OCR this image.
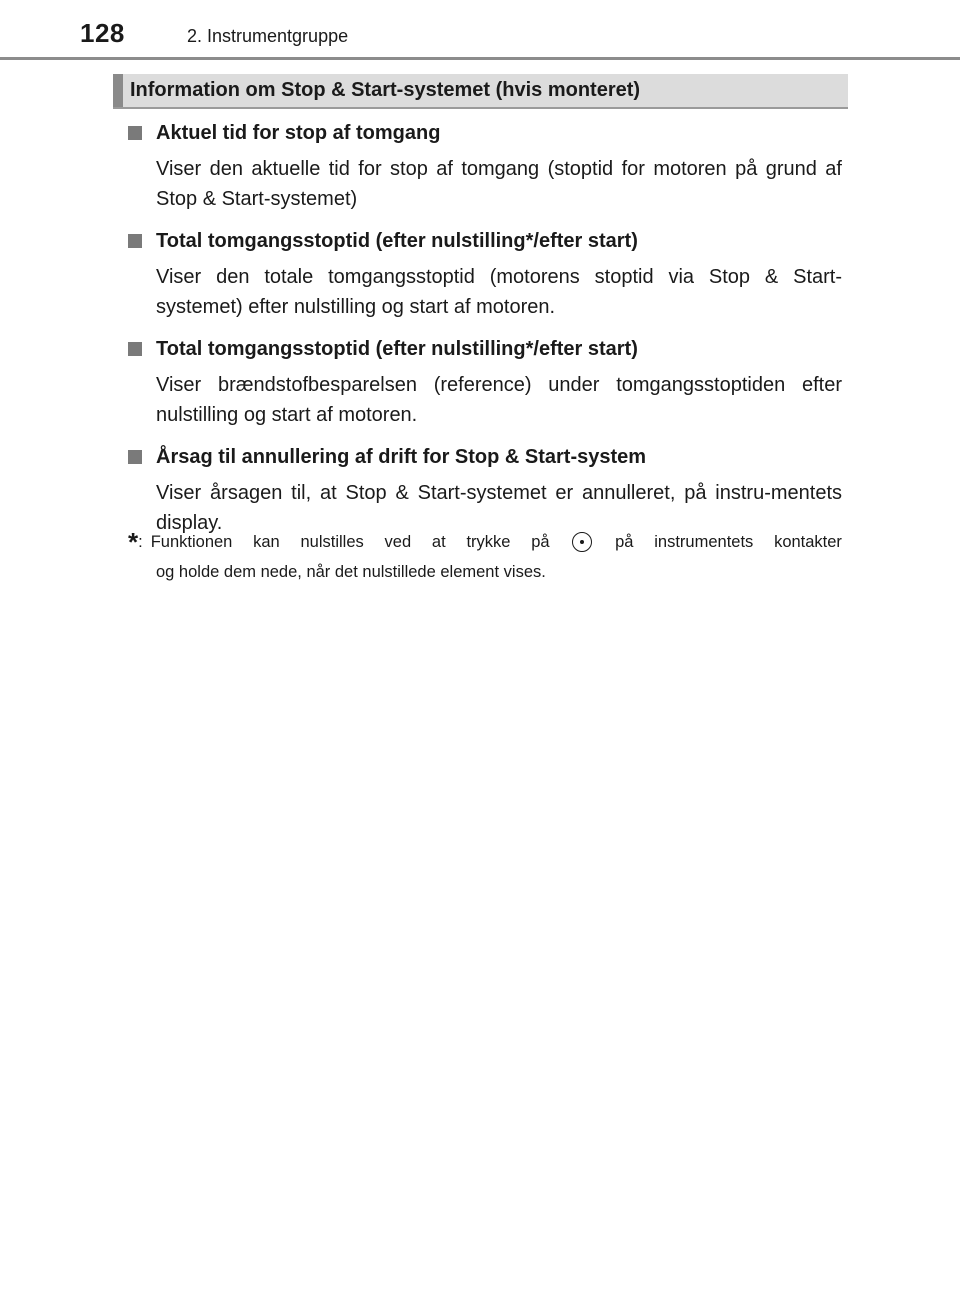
128	2. Instrumentgruppe
Information om Stop & Start-systemet (hvis monteret)
Aktuel tid for stop af tomgang
Viser den aktuelle tid for stop af tomgang (stoptid for motoren på grund af Stop & Start-systemet)
Total tomgangsstoptid (efter nulstilling*/efter start)
Viser den totale tomgangsstoptid (motorens stoptid via Stop & Start-systemet) efter nulstilling og start af motoren.
Total tomgangsstoptid (efter nulstilling*/efter start)
Viser brændstofbesparelsen (reference) under tomgangsstoptiden efter nulstilling og start af motoren.
Årsag til annullering af drift for Stop & Start-system
Viser årsagen til, at Stop & Start-systemet er annulleret, på instru-mentets display.
*: Funktionen kan nulstilles ved at trykke på	på instrumentets kontakter
og holde dem nede, når det nulstillede element vises.
